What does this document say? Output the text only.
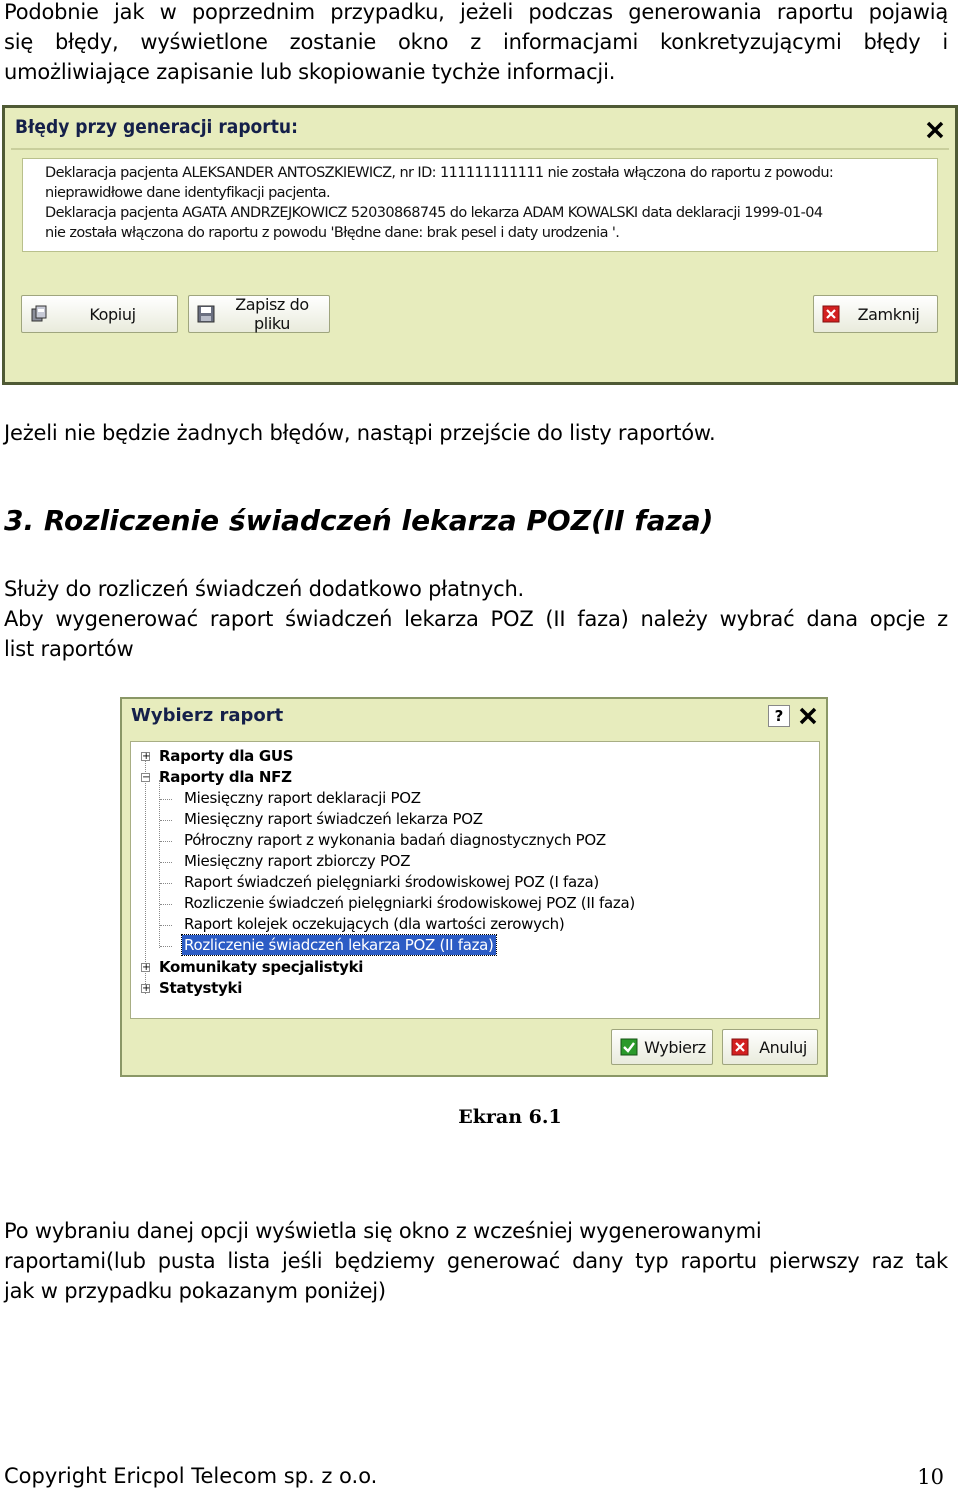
Podobnie jak w poprzednim przypadku, jeżeli podczas generowania raportu pojawią
się błędy, wyświetlone zostanie okno z informacjami konkretyzującymi błędy i
umożliwiające zapisanie lub skopiowanie tychże informacji.
Błędy przy generacji raportu:
Deklaracja pacjenta ALEKSANDER ANTOSZKIEWICZ, nr ID: 111111111111 nie została włączona do raportu z powodu:
nieprawidłowe dane identyfikacji pacjenta.
Deklaracja pacjenta AGATA ANDRZEJKOWICZ 52030868745 do lekarza ADAM KOWALSKI data deklaracji 1999-01-04
nie została włączona do raportu z powodu 'Błędne dane: brak pesel i daty urodzenia '.
Kopiuj	Zapisz do pliku	Zamknij
Jeżeli nie będzie żadnych błędów, nastąpi przejście do listy raportów.
3. Rozliczenie świadczeń lekarza POZ(II faza)
Służy do rozliczeń świadczeń dodatkowo płatnych.
Aby wygenerować raport świadczeń lekarza POZ (II faza) należy wybrać dana opcje z
list raportów
Wybierz raport	?
+ Raporty dla GUS
− Raporty dla NFZ
Miesięczny raport deklaracji POZ
Miesięczny raport świadczeń lekarza POZ
Półroczny raport z wykonania badań diagnostycznych POZ
Miesięczny raport zbiorczy POZ
Raport świadczeń pielęgniarki środowiskowej POZ (I faza)
Rozliczenie świadczeń pielęgniarki środowiskowej POZ (II faza)
Raport kolejek oczekujących (dla wartości zerowych)
Rozliczenie świadczeń lekarza POZ (II faza)
+ Komunikaty specjalistyki
+ Statystyki
Wybierz	Anuluj
Ekran 6.1
Po wybraniu danej opcji wyświetla się okno z wcześniej wygenerowanymi
raportami(lub pusta lista jeśli będziemy generować dany typ raportu pierwszy raz tak
jak w przypadku pokazanym poniżej)
Copyright Ericpol Telecom sp. z o.o.	10
